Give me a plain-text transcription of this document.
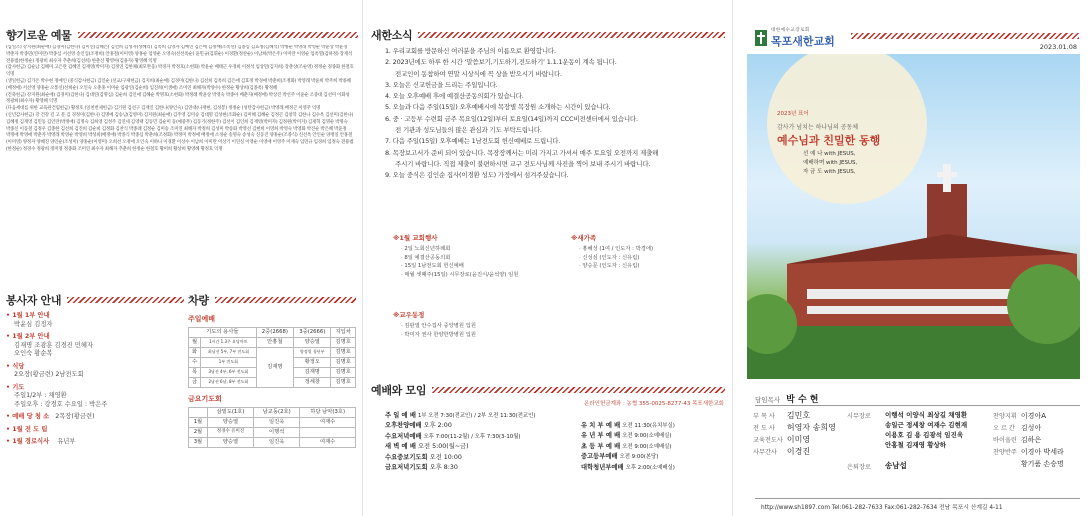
향기로운 예물

(십일조) 강지원(최순애) 김경미(김한나) 김미연(김혜은) 김선희 김성자(성혜리) 김옥희 김영자 김예연 김은애 김정배(조옥선) 김종심 김효정(김혜석) 박병순 박영래 박영순 박윤상 박윤경 박춘자 박종민(연미란) 박종심 서선영 송인심(조정희) 안홍철(이미영) 양홍순 엄영운 오영숙(선선옥순) 윤민규(김휘순) 이경환(정찬순) 이남희(박은주) 이미란 이영순 임옥열(김하정) 장재석 전용범(한정순) 정광희 최수자 추춘희(김선희) 한춘산 황영아(김용자) 황영혜 익명

(감사헌금) 김순남 김해미 고은란 김혜연 김재영(박미자) 김정연 김한채(최모완웅) 박경자 박정호(소현화) 박윤순 배태근 우경희 이정석 임상민(김지희) 장춘상(조순영) 정정순 정종화 한철호 익명

(생일헌금) 김가온 박수현 정예인 (중식감사헌금) 김인순 (선교/구제헌금) 김지희(최순애) 김경미(김한나) 김선희 김옥희 김은애 김효정 박경애 박춘희(조정화) 박영래 박윤희 박주희 박종혜(배정애) 서선영 양홍순 오통신(선희순) 오인숙 오춘홍 이미순 임광연(김순희) 임진희(이생애) 조미연 최해자(박양수) 한정순 황상희(김종옥) 황정혜

(건축헌금) 강지원(최순애) 김경미(김한나) 김대연(김명심) 김순희 김인애 김혜순 박명호(소현화) 박정례 박윤상 박영숙 박종아 배춘자(배정애) 박상진 박선주 이윤순 조중대 김선미 이화성 정광희(최수자) 황영혜 익명

(다음세대를 위한 교육관건립헌금) 황정호 (일천번제헌금) 김기원 김선구 김재인 김한나(양인숙) 김연대(나재현, 김성봉) 정정순 (성탄감사헌금) 박영래 배정곤 이영주 익명

(신년감사헌금) 강 건강 길 고 문 김 경정미(김한나) 김명예 김승남(김영미) 김지원(최순애) 김주영 김미승 김대명 김성현(조화순) 김미혜 김혜순 김정곤 김창학 김한나 김수옥 김선미(김한나) 김혜정 김재영 김민동 김인란(박정애) 김명숙 김희영 김성주 김연세 김영택 김동민 김순미 등(예중무) 김동기(정한주) 김선이 김인희 김재영(박미자) 김정원(박미자) 김재혁 김명순 박명숙 박종신 이동철 김정우 김종한 김선희 김진희 김순희 김정화 김찬식 박종례 김정순 김미승 조미연 최해자 박정희 김성미 박송화 박영선 김현희 이영희 박영숙 박영화 박진순 박은혜 박윤정 박정애 박영애 박춘자 박영래 박영순 박영희 박성희(배정애) 박종식 박종심 박춘희(조정화) 박정미 박정애 배정애 소경순 송명숙 송성숙 신동진 양홍순(조종식) 신선옥 안인순 양정일 안홍철(이미영) 양정자 양혜진 양인순(조성미) 양홍순(이영미) 오희선 오정애 오인숙 이하나 이경환 이상수 이남희 이미란 이상기 이연실 이영순 이영애 이영주 이재숙 임민규 임경희 임정숙 전용범(한정순) 정경수 정광희 정미영 정종화 조미연 최수자 최해자 추춘희 한정순 한철호 황미희 황상희 황영혜 황정호 익명

봉사자 안내
• 1월 1부 안내
박윤심 김정자
• 1월 2부 안내
김재명 조광훈 김경진 민혜자
오인숙 황순복
• 식당
2오장(황금련) 2남전도회
• 기도
주일1/2부 : 채영환
주일오후 : 강경호 수요일 : 박은주
• 예배 당 청 소 2목장(황금련)
• 1월 전 도 팀
• 1월 경로식사 유년부
차량
주일예배
기도의 용사들		2중(2668)	3중(2666)	지입차
월	1시간 1.3주 요당마트	안홍철	양승열	김명호
화	최남선 5부, 7부 전도회	김재명	양정열 청년부	김명호
수	1부 전도회		황정오	김명호
목	3남선 4부, 6부 전도회		김재명	김명호
금	2남선 6남, 8부 전도회		정세창	김명호
금요기도회
	삼밑도(1호)	남교동(2호)	하당 남악(3호)
1월	양승열	임진욱	여재수
2월	정경수 유미진	이행석	
3월	양승열	임진욱	여재수
새한소식
1. 우리교회를 방문하신 여러분을 주님의 이름으로 환영합니다.
2. 2023년에도 하루 한 시간 ‘말씀보기,기도하기,전도하기’ 1.1.1운동이 계속 됩니다.
전교인이 동참하여 연말 시상식에 꼭 상을 받으시기 바랍니다.
3. 오늘은 신교헌금을 드리는 주일입니다.
4. 오늘 오후예배 후에 예결산공동의회가 있습니다.
5. 오늘과 다음 주일(15일) 오후예배시에 목장별 목장원 소개하는 시간이 있습니다.
6. 중 · 고등부 수련회 금주 목요일(12일)부터 토요일(14일)까지 CCC비전센터에서 있습니다.
전 기관과 성도님들의 많은 관심과 기도 부탁드립니다.
7. 다음 주일(15일) 오후예배는 1남전도회 헌신예배로 드립니다.
8. 목장보고서가 준비 되어 있습니다. 목장장께서는 미리 가지고 가셔서 매주 토요일 오전까지 제출해
주시기 바랍니다. 직접 제출이 불편하시면 교구 전도사님께 사진을 찍어 보내 주시기 바랍니다.
9. 오늘 중식은 김인순 집사(이경환 성도) 가정에서 섬겨주셨습니다.
※1월 교회행사
· 2일 노회신년하례회
· 8일 예결산공동의회
· 15일 1남전도회 헌신예배
· 매월 셋째주(15일) 시무장로(윤진시/윤석양) 임원
※새가족
· 홍혜성 (1여 / 인도자 : 박경애)
· 신성심 (인도자 : 신유림)
· 양승문 (인도자 : 신유림)
※교우동정
· 김판열 안수집사 중앙병원 입원
· 박미자 권사 한양한방병원 입원
예배와 모임
온라인헌금계좌 : 농협 355-0025-8277-43 목포새한교회
주 일 예 배 1부 오전 7:30(전교인) / 2부 오전 11:30(전교인)
오후찬양예배 오후 2:00
수요저녁예배 오후 7:00(11-2월) / 오후 7:30(3-10월)
새 벽 예 배 오전 5:00(월~금)
수요중보기도회 오전 10:00
금요저녁기도회 오후 8:30
유 치 부 예 배 오전 11:30(유치부실)
유 년 부 예 배 오전 9:00(소예배실)
초 등 부 예 배 오전 9:00(소예배실)
중고등부예배 오전 9:00(본당)
대학청년부예배 오후 2:00(소예배실)
대한예수교장로회
목포새한교회	2023.01.08
2023년 표어
감사가 넘치는 하나님의 공동체
예수님과 친밀한 동행
선 예 나 with JESUS,
예배하며 with JESUS,
자 금 도 with JESUS,
담임목사 박 수 현
부 목 사	김민호
전 도 사	허영자 송희영
교육전도사	이미영
사무간사	이경진
시무장로 이행석 이양식 최상길 채영환
송일근 정세창 여재수 김현재
이용호 김 용 김광석 임진욱
안홍철 김재영 황상하
은퇴장로 송남섭
찬양지휘	이경아A
오 르 간	김성아
바이올린	김하은
찬양반주	이경아 박세라
	황기품 손승명
http://www.sh1897.com Tel:061-282-7633 Fax:061-282-7634 전남 목포시 산계길 4-11
